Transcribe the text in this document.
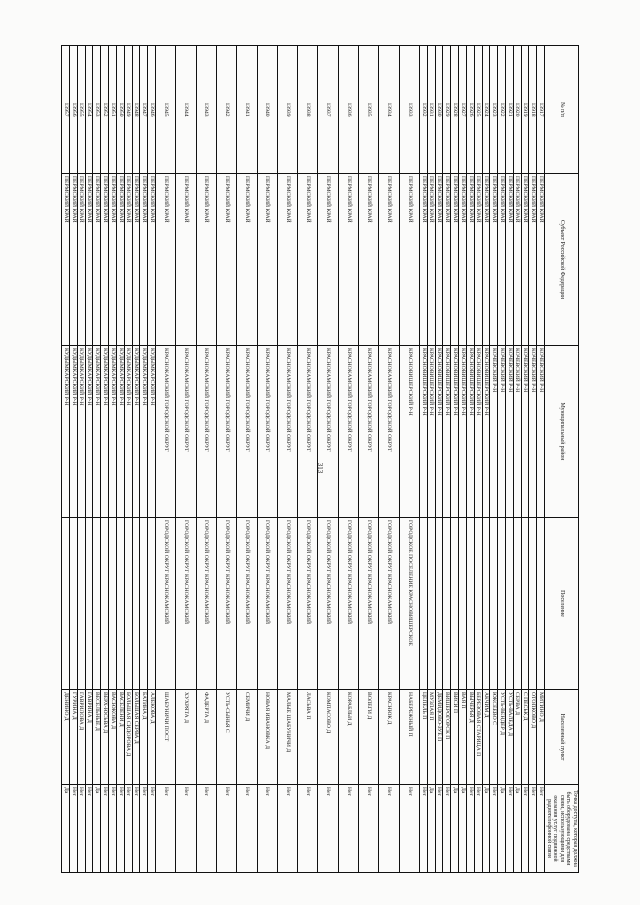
313
№ п/п	Субъект Российской Федерации	Муниципальный район	Поселение	Населенный пункт	Точка доступа, которая должна быть оборудована средствами связи, использующими для оказания услуг подвижной радиотелефонной связи
13917	ПЕРМСКИЙ КРАЙ	КОЧЕВСКИЙ Р-Н		МИТИНО Д	Нет
13918	ПЕРМСКИЙ КРАЙ	КОЧЕВСКИЙ Р-Н		ОТОПКОВО Д	Нет
13919	ПЕРМСКИЙ КРАЙ	КОЧЕВСКИЙ Р-Н		С ПЕСЬК Д	Нет
13920	ПЕРМСКИЙ КРАЙ	КОЧЕВСКИЙ Р-Н		СЕРВА Д	Да
13921	ПЕРМСКИЙ КРАЙ	КОЧЕВСКИЙ Р-Н		УСТЬ-ВАЛЕДА Д	Нет
13922	ПЕРМСКИЙ КРАЙ	КОЧЕВСКИЙ Р-Н		УСТЬ-ВЕНДЕР Д	Да
13923	ПЕРМСКИЙ КРАЙ	КОЧЕВСКИЙ Р-Н		ЮКСЕЕВО С	Нет
13924	ПЕРМСКИЙ КРАЙ	КРАСНОВИШЕРСКИЙ Р-Н		АКЧИМ Д	Да
13925	ПЕРМСКИЙ КРАЙ	КРАСНОВИШЕРСКИЙ Р-Н		БЕРЕЗОВАЯ СТАРИЦА П	Нет
13926	ПЕРМСКИЙ КРАЙ	КРАСНОВИШЕРСКИЙ Р-Н		ВЫЧЕРЬЯ Д	Нет
13927	ПЕРМСКИЙ КРАЙ	КРАСНОВИШЕРСКИЙ Р-Н		ВАЯ П	Да
13928	ПЕРМСКИЙ КРАЙ	КРАСНОВИШЕРСКИЙ Р-Н		ВИСИ П	Да
13929	ПЕРМСКИЙ КРАЙ	КРАСНОВИШЕРСКИЙ Р-Н		ВИШЕРОГОРСК П	Нет
13930	ПЕРМСКИЙ КРАЙ	КРАСНОВИШЕРСКИЙ Р-Н		ДЕМИДОВО-ЗУЕ П	Нет
13931	ПЕРМСКИЙ КРАЙ	КРАСНОВИШЕРСКИЙ Р-Н		МУЗЛАЯ П	Да
13932	ПЕРМСКИЙ КРАЙ	КРАСНОВИШЕРСКИЙ Р-Н		ЦЕПЕЛЬ П	Нет
13933	ПЕРМСКИЙ КРАЙ	КРАСНОВИШЕРСКИЙ Р-Н	ГОРОДСКОЕ ПОСЕЛЕНИЕ КРАСНОВИШЕРСКОЕ	НАБЕРЕЖНЫЙ П	Нет
13934	ПЕРМСКИЙ КРАЙ	КРАСНОКАМСКИЙ ГОРОДСКОЙ ОКРУГ	ГОРОДСКОЙ ОКРУГ КРАСНОКАМСКИЙ	КРАСНЮК Д	Нет
13935	ПЕРМСКИЙ КРАЙ	КРАСНОКАМСКИЙ ГОРОДСКОЙ ОКРУГ	ГОРОДСКОЙ ОКРУГ КРАСНОКАМСКИЙ	ВОЛЕГИ Д	Нет
13936	ПЕРМСКИЙ КРАЙ	КРАСНОКАМСКИЙ ГОРОДСКОЙ ОКРУГ	ГОРОДСКОЙ ОКРУГ КРАСНОКАМСКИЙ	КОРАБЛЬИ Д	Нет
13937	ПЕРМСКИЙ КРАЙ	КРАСНОКАМСКИЙ ГОРОДСКОЙ ОКРУГ	ГОРОДСКОЙ ОКРУГ КРАСНОКАМСКИЙ	КОМПАСОВО Д	Нет
13938	ПЕРМСКИЙ КРАЙ	КРАСНОКАМСКИЙ ГОРОДСКОЙ ОКРУГ	ГОРОДСКОЙ ОКРУГ КРАСНОКАМСКИЙ	ЛАСЬВА П	Нет
13939	ПЕРМСКИЙ КРАЙ	КРАСНОКАМСКИЙ ГОРОДСКОЙ ОКРУГ	ГОРОДСКОЙ ОКРУГ КРАСНОКАМСКИЙ	МАЛЫЕ ШАБУНИЧИ Д	Нет
13940	ПЕРМСКИЙ КРАЙ	КРАСНОКАМСКИЙ ГОРОДСКОЙ ОКРУГ	ГОРОДСКОЙ ОКРУГ КРАСНОКАМСКИЙ	НОВАЯ ИВАНОВКА Д	Нет
13941	ПЕРМСКИЙ КРАЙ	КРАСНОКАМСКИЙ ГОРОДСКОЙ ОКРУГ	ГОРОДСКОЙ ОКРУГ КРАСНОКАМСКИЙ	СЕМИЧИ Д	Нет
13942	ПЕРМСКИЙ КРАЙ	КРАСНОКАМСКИЙ ГОРОДСКОЙ ОКРУГ	ГОРОДСКОЙ ОКРУГ КРАСНОКАМСКИЙ	УСТЬ-СЫНЬЯ С	Нет
13943	ПЕРМСКИЙ КРАЙ	КРАСНОКАМСКИЙ ГОРОДСКОЙ ОКРУГ	ГОРОДСКОЙ ОКРУГ КРАСНОКАМСКИЙ	ФАДЕРТА Д	Нет
13944	ПЕРМСКИЙ КРАЙ	КРАСНОКАМСКИЙ ГОРОДСКОЙ ОКРУГ	ГОРОДСКОЙ ОКРУГ КРАСНОКАМСКИЙ	ХУХРЯТА Д	Нет
13945	ПЕРМСКИЙ КРАЙ	КРАСНОКАМСКИЙ ГОРОДСКОЙ ОКРУГ	ГОРОДСКОЙ ОКРУГ КРАСНОКАМСКИЙ	ШАБУНИЧИ ПОСТ	Нет
13946	ПЕРМСКИЙ КРАЙ	КУДЫМКАРСКИЙ Р-Н		АЛЕКОВА Д	Нет
13947	ПЕРМСКИЙ КРАЙ	КУДЫМКАРСКИЙ Р-Н		БАТИНА Д	Нет
13948	ПЕРМСКИЙ КРАЙ	КУДЫМКАРСКИЙ Р-Н		БОЛЬШАЯ СЕРВА Д	Нет
13949	ПЕРМСКИЙ КРАЙ	КУДЫМКАРСКИЙ Р-Н		БОЛЬШАЯ СИДОРОВА Д	Нет
13950	ПЕРМСКИЙ КРАЙ	КУДЫМКАРСКИЙ Р-Н		ВАСЕЛЕНИ Д	Нет
13951	ПЕРМСКИЙ КРАЙ	КУДЫМКАРСКИЙ Р-Н		ВАСЮКОВА Д	Нет
13952	ПЕРМСКИЙ КРАЙ	КУДЫМКАРСКИЙ Р-Н		ВЕРХ-ЮСЬВА Д	Нет
13953	ПЕРМСКИЙ КРАЙ	КУДЫМКАРСКИЙ Р-Н		ВЕСЕЛЬНЫЕ Д	Да
13954	ПЕРМСКИЙ КРАЙ	КУДЫМКАРСКИЙ Р-Н		ГАВРИНА Д	Нет
13955	ПЕРМСКИЙ КРАЙ	КУДЫМКАРСКИЙ Р-Н		ГАВРИЛОВА Д	Нет
13956	ПЕРМСКИЙ КРАЙ	КУДЫМКАРСКИЙ Р-Н		ГУРИНА Д	Нет
13957	ПЕРМСКИЙ КРАЙ	КУДЫМКАРСКИЙ Р-Н		ДЕНИНО Д	Да
